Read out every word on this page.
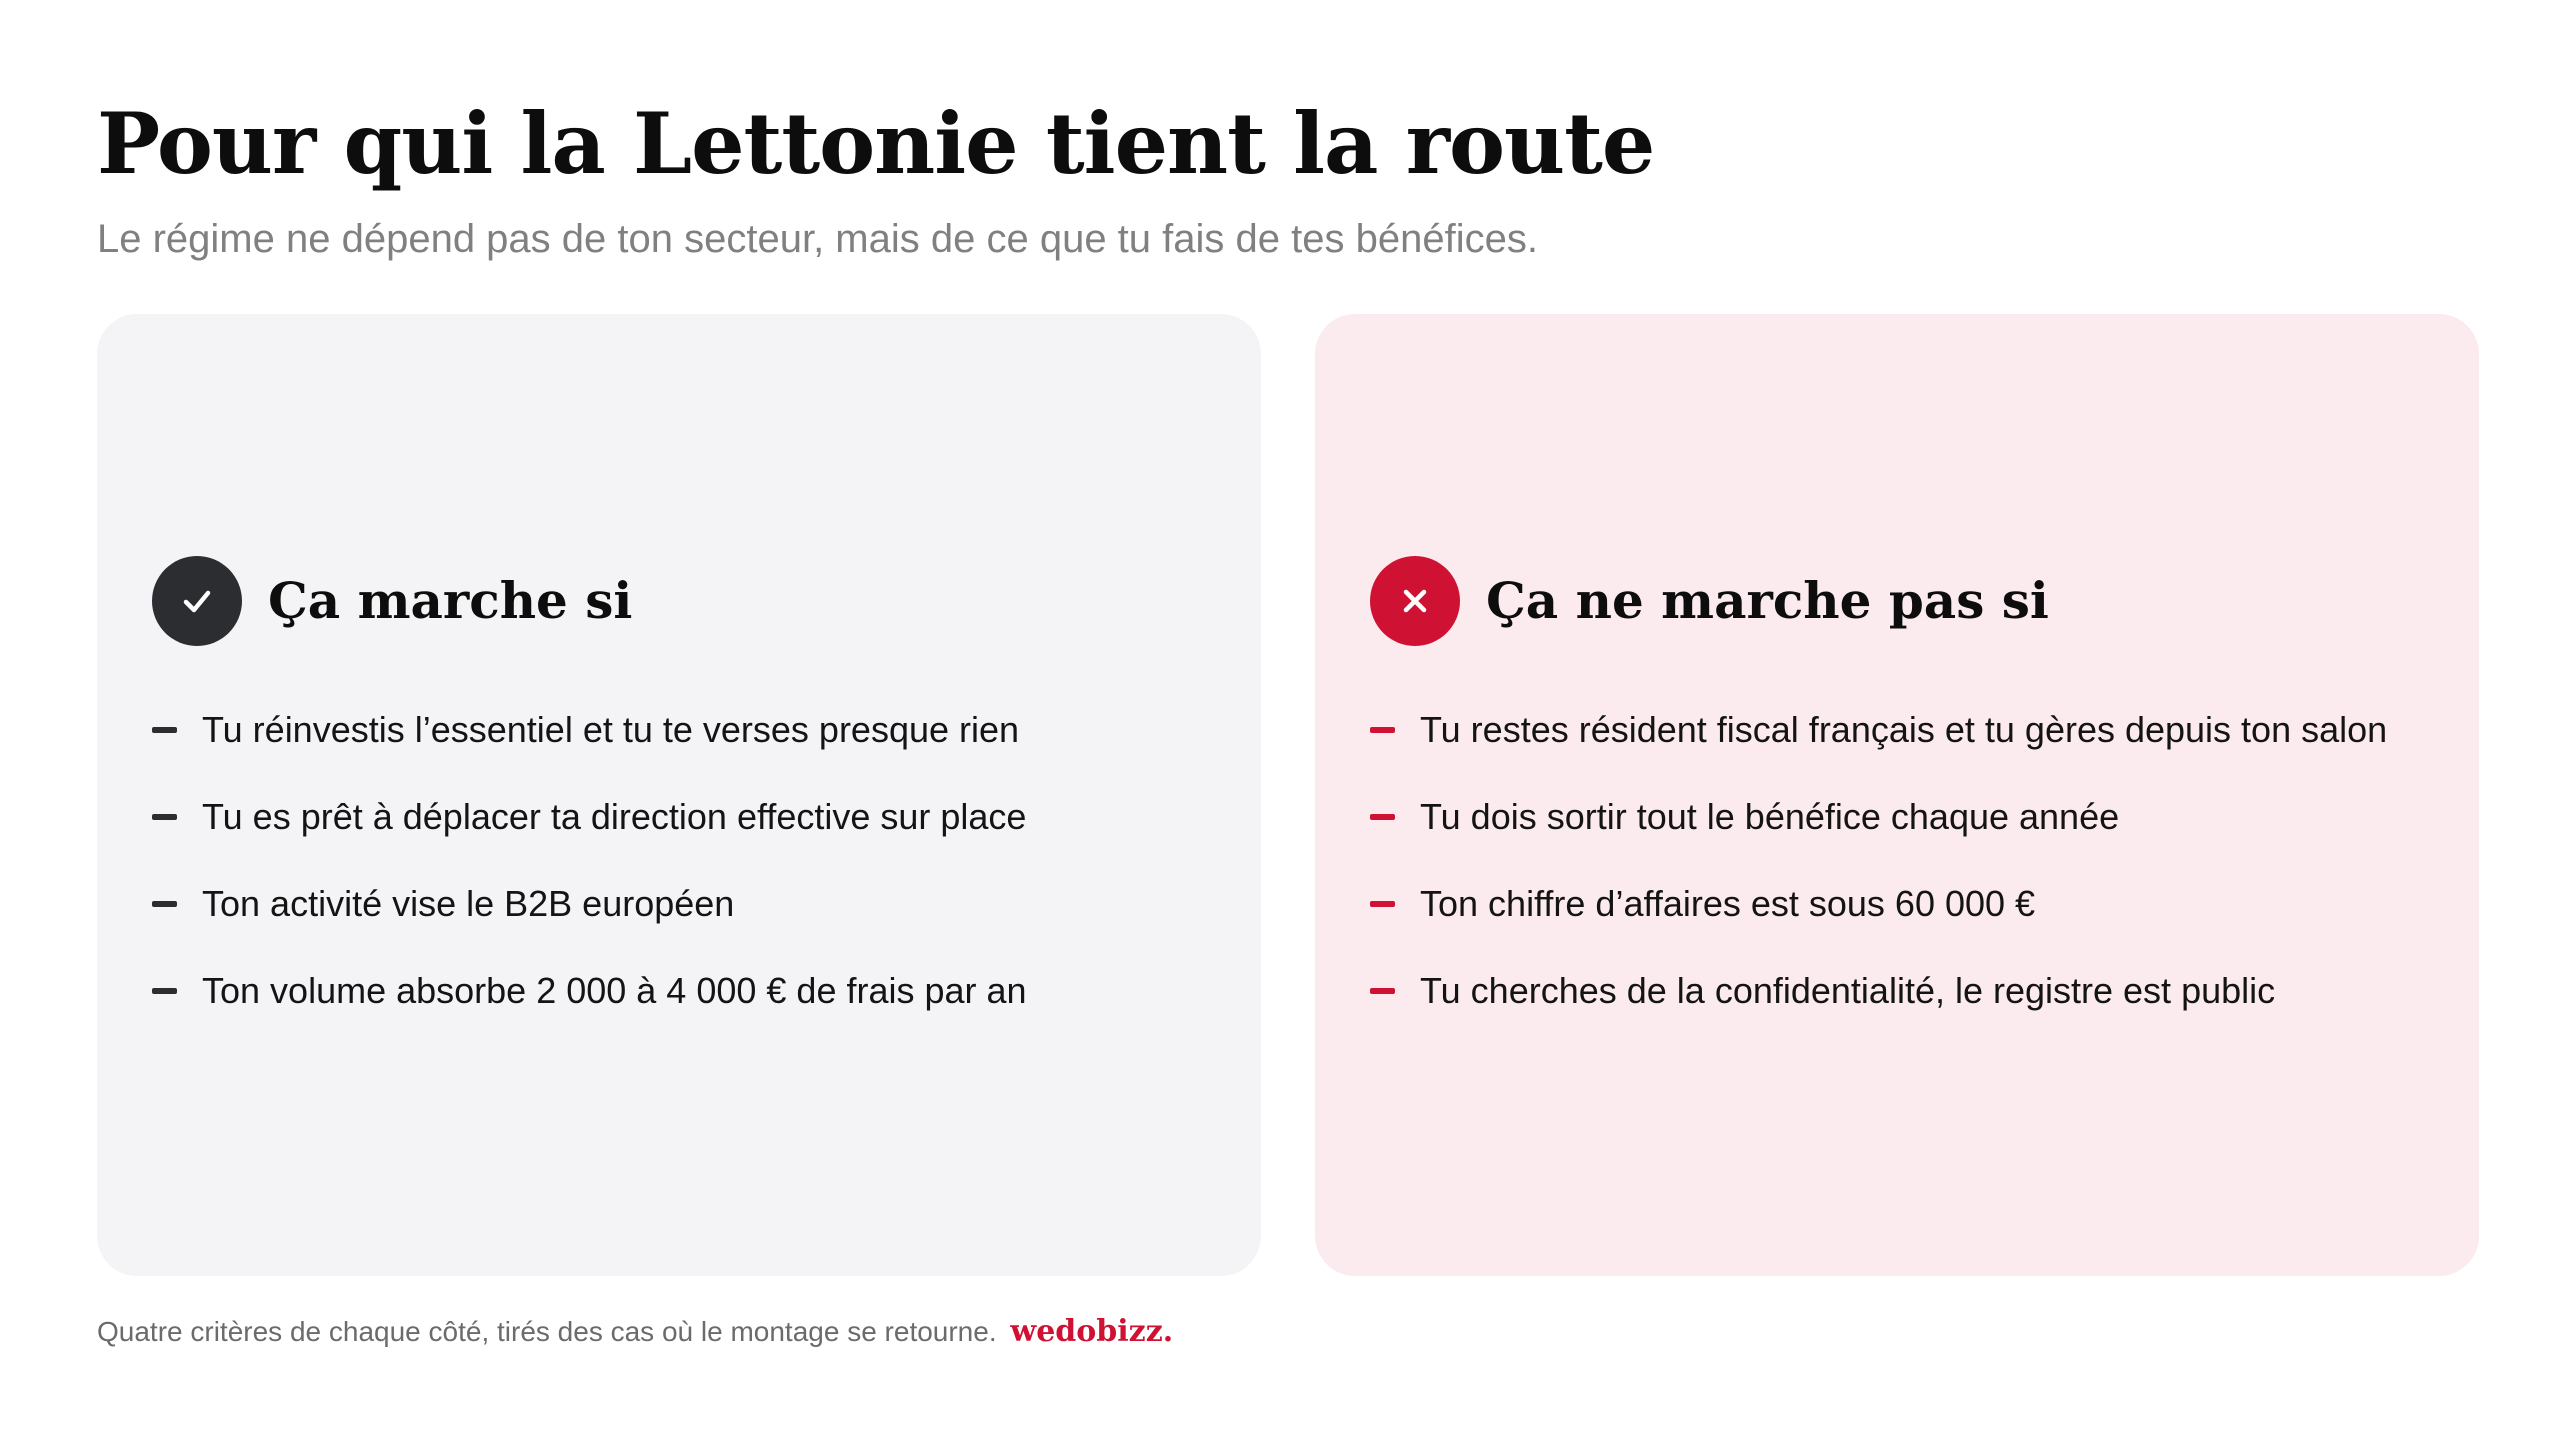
Pour qui la Lettonie tient la route

Le régime ne dépend pas de ton secteur, mais de ce que tu fais de tes bénéfices.

Ça marche si
Tu réinvestis l’essentiel et tu te verses presque rien
Tu es prêt à déplacer ta direction effective sur place
Ton activité vise le B2B européen
Ton volume absorbe 2 000 à 4 000 € de frais par an
Ça ne marche pas si
Tu restes résident fiscal français et tu gères depuis ton salon
Tu dois sortir tout le bénéfice chaque année
Ton chiffre d’affaires est sous 60 000 €
Tu cherches de la confidentialité, le registre est public
Quatre critères de chaque côté, tirés des cas où le montage se retourne. wedobizz.
